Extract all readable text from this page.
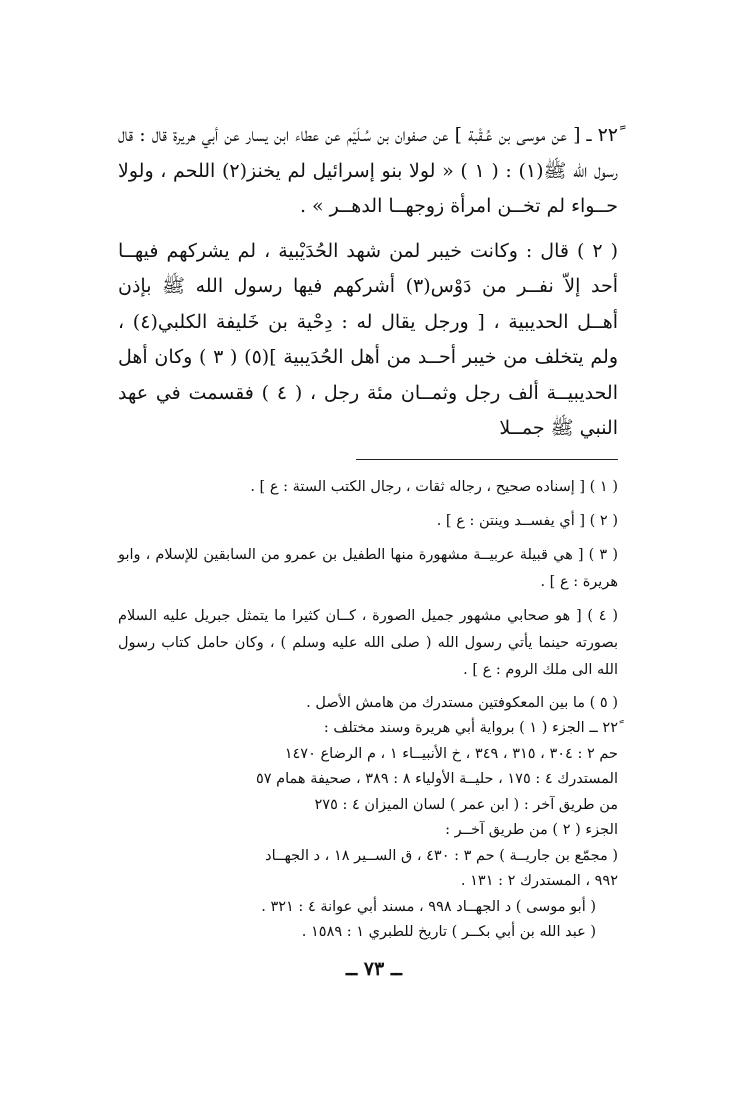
٢٢ً ــ [ عن موسى بن عُـقْبة ] عن صفوان بن سُـلَيْم عن عطاء ابن يسار عن أبي هريرة قال : قال رسول الله ﷺ(١) : ( ١ ) « لولا بنو إسرائيل لم يخنز(٢) اللحم ، ولولا حــواء لم تخــن امرأة زوجهــا الدهــر » .

( ٢ ) قال : وكانت خيبر لمن شهد الحُدَيْبية ، لم يشركهم فيهــا أحد إلاّ نفــر من دَوْس(٣) أشركهم فيها رسول الله ﷺ بإذن أهــل الحديبية ، [ ورجل يقال له : دِحْية بن خَليفة الكلبي(٤) ، ولم يتخلف من خيبر أحــد من أهل الحُدَيبية ](٥) ( ٣ ) وكان أهل الحديبيــة ألف رجل وثمــان مئة رجل ، ( ٤ ) فقسمت في عهد النبي ﷺ جمــلا

( ١ ) [ إسناده صحيح ، رجاله ثقات ، رجال الكتب الستة : ع ] .

( ٢ ) [ أي يفســد وينتن : ع ] .

( ٣ ) [ هي قبيلة عربيــة مشهورة منها الطفيل بن عمرو من السابقين للإسلام ، وابو هريرة : ع ] .

( ٤ ) [ هو صحابي مشهور جميل الصورة ، كــان كثيرا ما يتمثل جبريل عليه السلام بصورته حينما يأتي رسول الله ( صلى الله عليه وسلم ) ، وكان حامل كتاب رسول الله الى ملك الروم : ع ] .

( ٥ ) ما بين المعكوفتين مستدرك من هامش الأصل .

٢٢ً ــ الجزء ( ١ ) برواية أبي هريرة وسند مختلف :

حم ٢ : ٣٠٤ ، ٣١٥ ، ٣٤٩ ، خ الأنبيــاء ١ ، م الرضاع ١٤٧٠

المستدرك ٤ : ١٧٥ ، حليــة الأولياء ٨ : ٣٨٩ ، صحيفة همام ٥٧

من طريق آخر : ( ابن عمر ) لسان الميزان ٤ : ٢٧٥

الجزء ( ٢ ) من طريق آخــر :

( مجمّع بن جاريــة ) حم ٣ : ٤٣٠ ، ق الســير ١٨ ، د الجهــاد

٩٩٢ ، المستدرك ٢ : ١٣١ .

( أبو موسى ) د الجهــاد ٩٩٨ ، مسند أبي عوانة ٤ : ٣٢١ .

( عبد الله بن أبي بكــر ) تاريخ للطبري ١ : ١٥٨٩ .

ــ ٧٣ ــ
